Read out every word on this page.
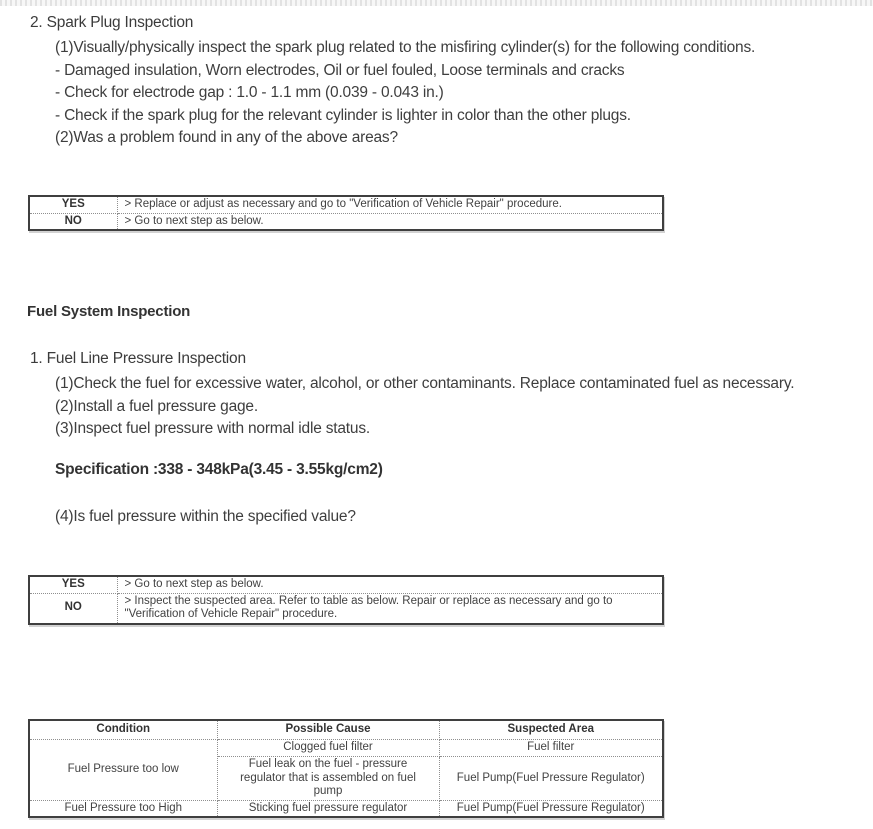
2. Spark Plug Inspection
(1)Visually/physically inspect the spark plug related to the misfiring cylinder(s) for the following conditions.
- Damaged insulation, Worn electrodes, Oil or fuel fouled, Loose terminals and cracks
- Check for electrode gap : 1.0 - 1.1 mm (0.039 - 0.043 in.)
- Check if the spark plug for the relevant cylinder is lighter in color than the other plugs.
(2)Was a problem found in any of the above areas?
YES	> Replace or adjust as necessary and go to "Verification of Vehicle Repair" procedure.
NO	> Go to next step as below.
Fuel System Inspection
1. Fuel Line Pressure Inspection
(1)Check the fuel for excessive water, alcohol, or other contaminants. Replace contaminated fuel as necessary.
(2)Install a fuel pressure gage.
(3)Inspect fuel pressure with normal idle status.
Specification :338 - 348kPa(3.45 - 3.55kg/cm2)
(4)Is fuel pressure within the specified value?
YES	> Go to next step as below.
NO	> Inspect the suspected area. Refer to table as below. Repair or replace as necessary and go to "Verification of Vehicle Repair" procedure.
Condition	Possible Cause	Suspected Area
Fuel Pressure too low	Clogged fuel filter	Fuel filter
	Fuel leak on the fuel - pressure regulator that is assembled on fuel pump	Fuel Pump(Fuel Pressure Regulator)
Fuel Pressure too High	Sticking fuel pressure regulator	Fuel Pump(Fuel Pressure Regulator)
